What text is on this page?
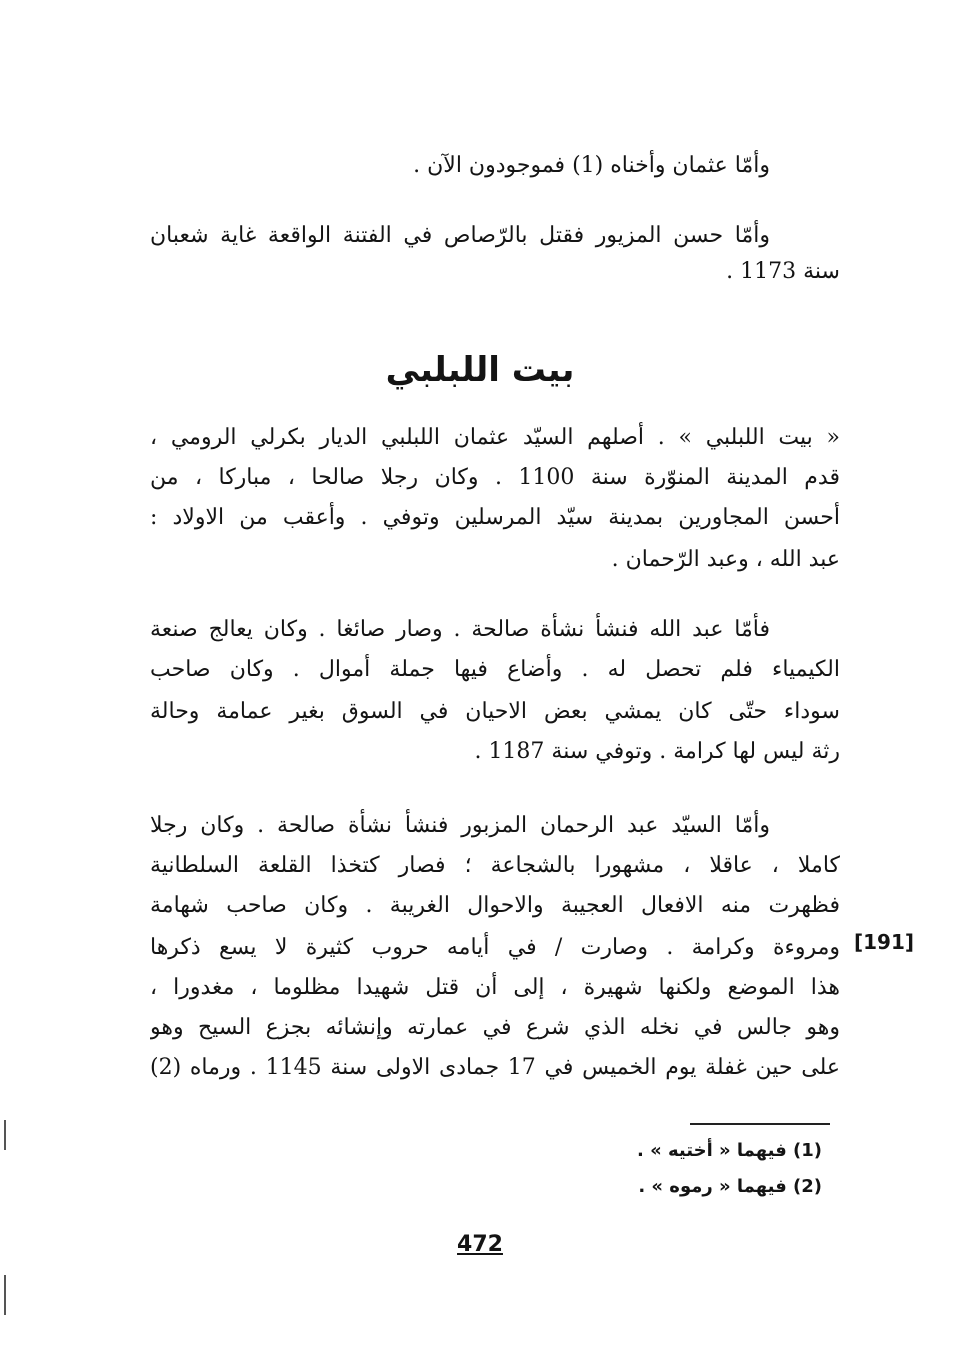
وأمّا عثمان وأخناه (1) فموجودون الآن .
وأمّا حسن المزيور فقتل بالرّصاص في الفتنة الواقعة غاية شعبان
سنة 1173 .
بيت اللبلبي
« بيت اللبلبي » . أصلهم السيّد عثمان اللبلبي الديار بكرلي الرومي ،
قدم المدينة المنوّرة سنة 1100 . وكان رجلا صالحا ، مباركا ، من
أحسن المجاورين بمدينة سيّد المرسلين وتوفي . وأعقب من الاولاد :
عبد الله ، وعبد الرّحمان .
فأمّا عبد الله فنشأ نشأة صالحة . وصار صائغا . وكان يعالج صنعة
الكيمياء فلم تحصل له . وأضاع فيها جملة أموال . وكان صاحب
سوداء حتّى كان يمشي بعض الاحيان في السوق بغير عمامة وحالة
رثة ليس لها كرامة . وتوفي سنة 1187 .
وأمّا السيّد عبد الرحمان المزبور فنشأ نشأة صالحة . وكان رجلا
كاملا ، عاقلا ، مشهورا بالشجاعة ؛ فصار كتخذا القلعة السلطانية
فظهرت منه الافعال العجيبة والاحوال الغريبة . وكان صاحب شهامة
ومروءة وكرامة . وصارت / في أيامه حروب كثيرة لا يسع ذكرها
هذا الموضع ولكنها شهيرة ، إلى أن قتل شهيدا مظلوما ، مغدورا ،
وهو جالس في نخله الذي شرع في عمارته وإنشائه بجزع السيح وهو
على حين غفلة يوم الخميس في 17 جمادى الاولى سنة 1145 . ورماه (2)
[191]
(1) فيهما « أختيه » .
(2) فيهما « رموه » .
472
